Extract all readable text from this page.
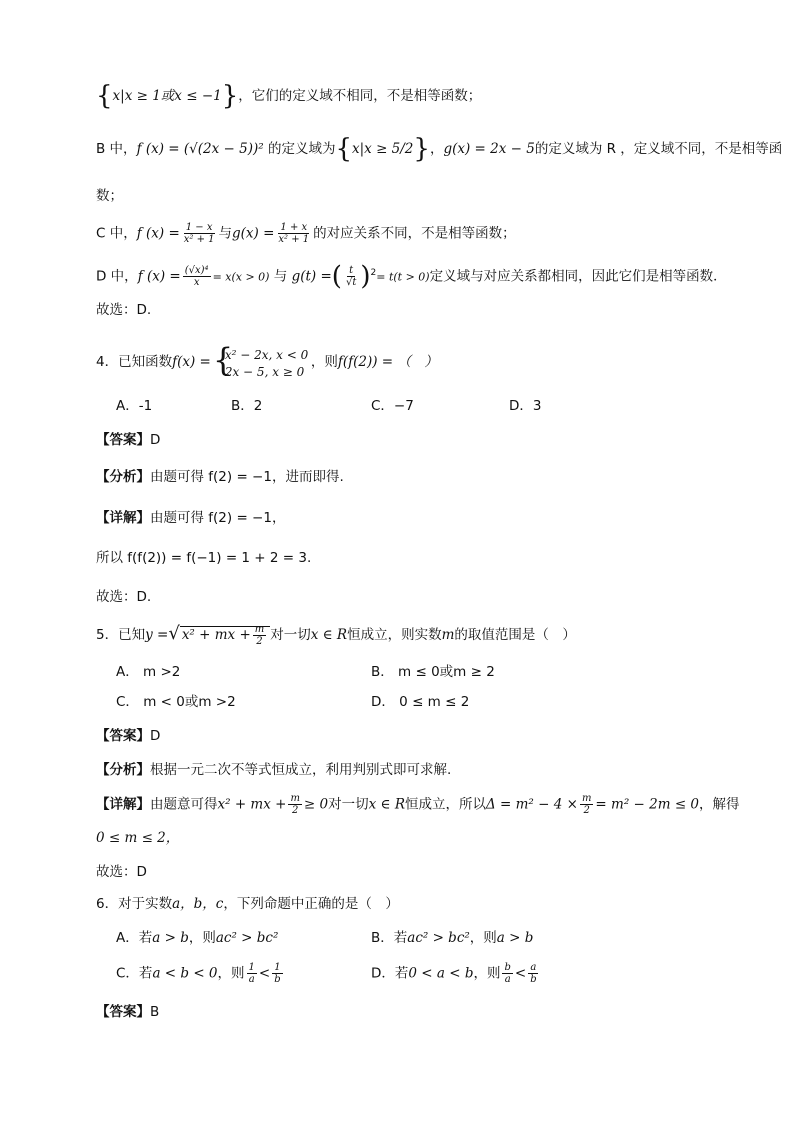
{x|x ≥ 1或x ≤ −1}，它们的定义域不相同，不是相等函数；
B 中，f (x) = (√(2x − 5))² 的定义域为{x|x ≥ 5/2}，g(x) = 2x − 5的定义域为 R ，定义域不同，不是相等函
数；
C 中，f $(x) = \frac{1 - x}{\text{x² + 1}}$ 与$g(x) = \frac{1 + x}{\text{x² + 1}}$ 的对应关系不同，不是相等函数；
D 中，f $(x) = \frac{\text{(√x)⁴}}{x} = x(x > 0)$ 与 g(t) =( $\frac{t}{√t} )^2= t(t > 0)$定义域与对应关系都相同，因此它们是相等函数．
故选：D.
4．已知函数f(x) = {
x² − 2x, x < 0
2x − 5, x ≥ 0
，则f(f(2)) = （　）
A．-1	B．2	C．−7	D．3
【答案】D
【分析】由题可得 f(2) = −1，进而即得.
【详解】由题可得 f(2) = −1，
所以 f(f(2)) = f(−1) = 1 + 2 = 3.
故选：D.
5．已知y =√ x² + mx + $\frac{m}{2}$ 对一切x ∈ R恒成立，则实数m的取值范围是（　）
A． m >2	B． m ≤ 0或m ≥ 2
C． m < 0或m >2	D． 0 ≤ m ≤ 2
【答案】D
【分析】根据一元二次不等式恒成立，利用判别式即可求解.
【详解】由题意可得x² + mx + $\frac{m}{2} \ge 0$对一切x ∈ R恒成立，所以$\Delta = m^2 - 4 \times \frac{m}{2} = m^2 - 2m \le 0$，解得
0 ≤ m ≤ 2，
故选：D
6．对于实数a，b，c，下列命题中正确的是（　）
A．若a > b，则ac² > bc²	B．若ac² > bc²，则a > b
C．若a < b < 0，则 $\frac{1}{a} < \frac{1}{b}$	D．若0 < a < b，则 $\frac{b}{a} < \frac{a}{b}$
【答案】B
